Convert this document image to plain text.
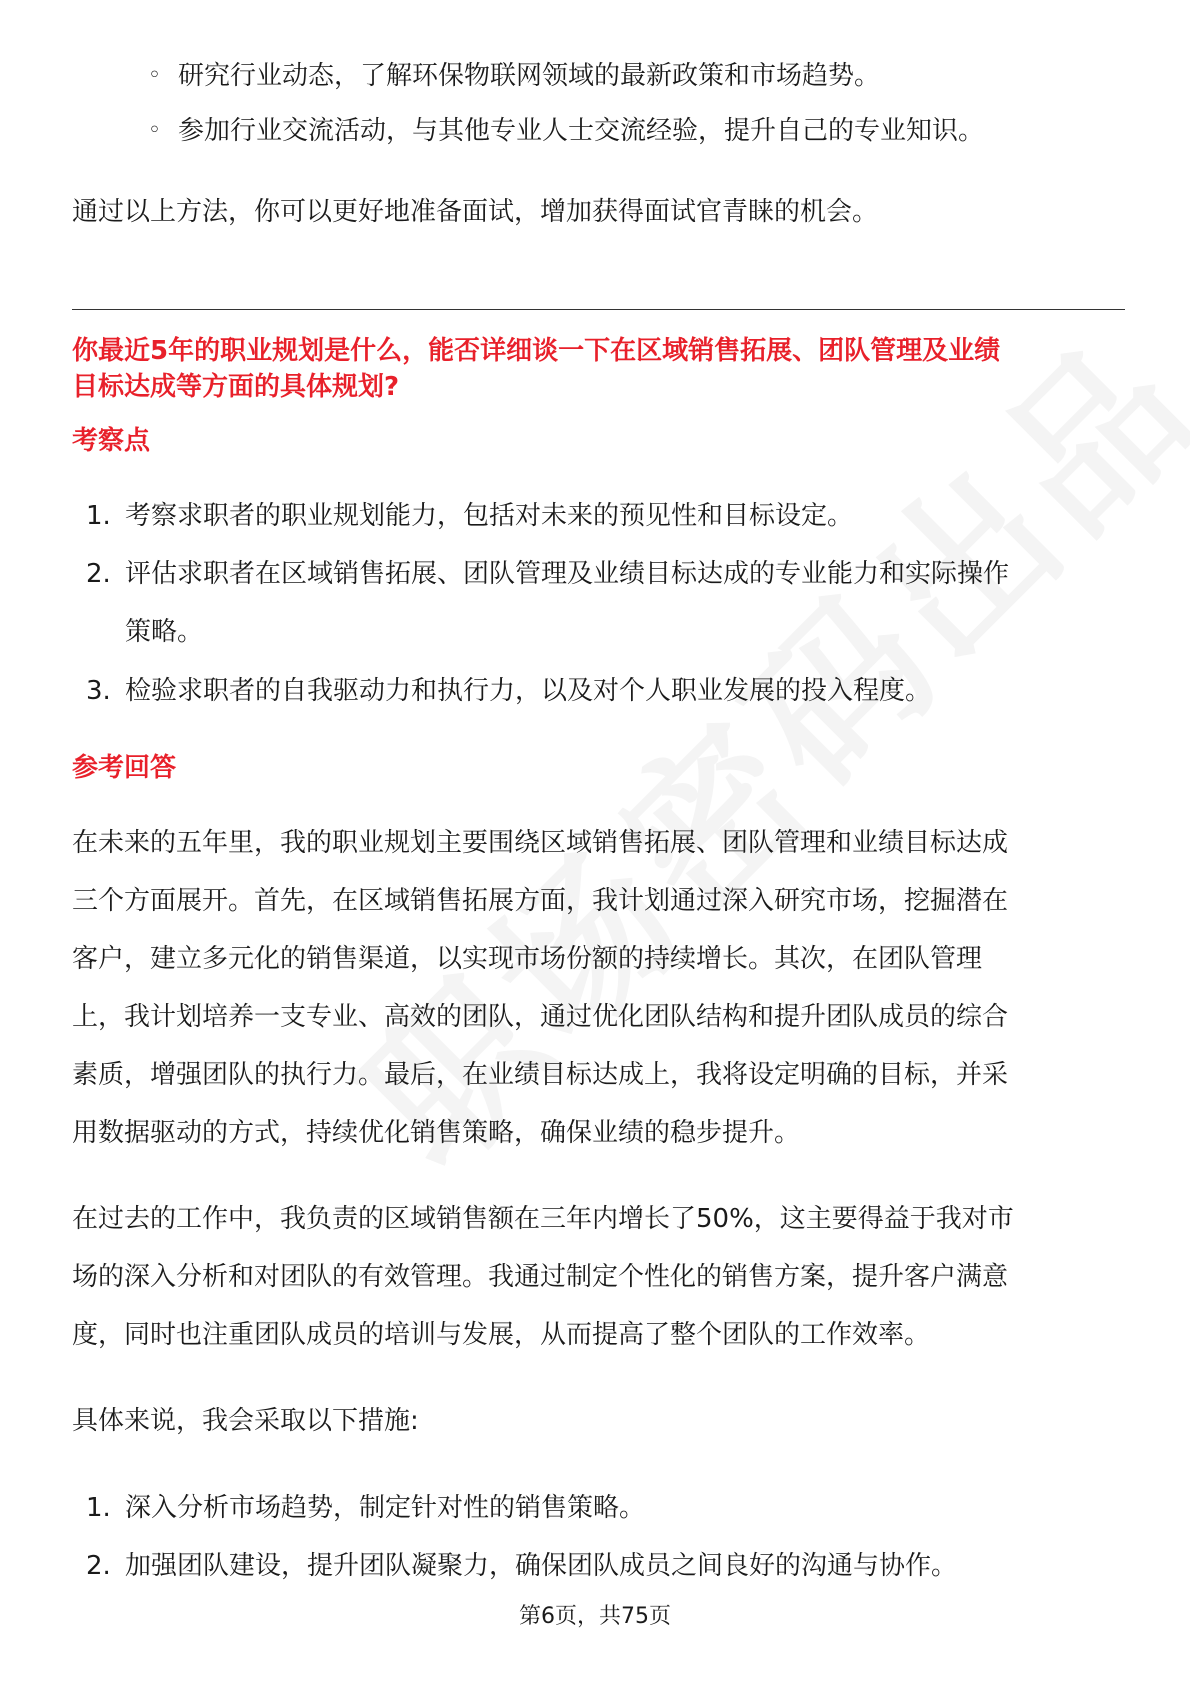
◦ 研究行业动态，了解环保物联网领域的最新政策和市场趋势。
◦ 参加行业交流活动，与其他专业人士交流经验，提升自己的专业知识。
通过以上方法，你可以更好地准备面试，增加获得面试官青睐的机会。
你最近5年的职业规划是什么，能否详细谈一下在区域销售拓展、团队管理及业绩
目标达成等方面的具体规划?
考察点
1. 考察求职者的职业规划能力，包括对未来的预见性和目标设定。
2. 评估求职者在区域销售拓展、团队管理及业绩目标达成的专业能力和实际操作
策略。
3. 检验求职者的自我驱动力和执行力，以及对个人职业发展的投入程度。
参考回答
在未来的五年里，我的职业规划主要围绕区域销售拓展、团队管理和业绩目标达成
三个方面展开。首先，在区域销售拓展方面，我计划通过深入研究市场，挖掘潜在
客户，建立多元化的销售渠道，以实现市场份额的持续增长。其次，在团队管理
上，我计划培养一支专业、高效的团队，通过优化团队结构和提升团队成员的综合
素质，增强团队的执行力。最后，在业绩目标达成上，我将设定明确的目标，并采
用数据驱动的方式，持续优化销售策略，确保业绩的稳步提升。
在过去的工作中，我负责的区域销售额在三年内增长了50%，这主要得益于我对市
场的深入分析和对团队的有效管理。我通过制定个性化的销售方案，提升客户满意
度，同时也注重团队成员的培训与发展，从而提高了整个团队的工作效率。
具体来说，我会采取以下措施:
1. 深入分析市场趋势，制定针对性的销售策略。
2. 加强团队建设，提升团队凝聚力，确保团队成员之间良好的沟通与协作。
第6页，共75页
